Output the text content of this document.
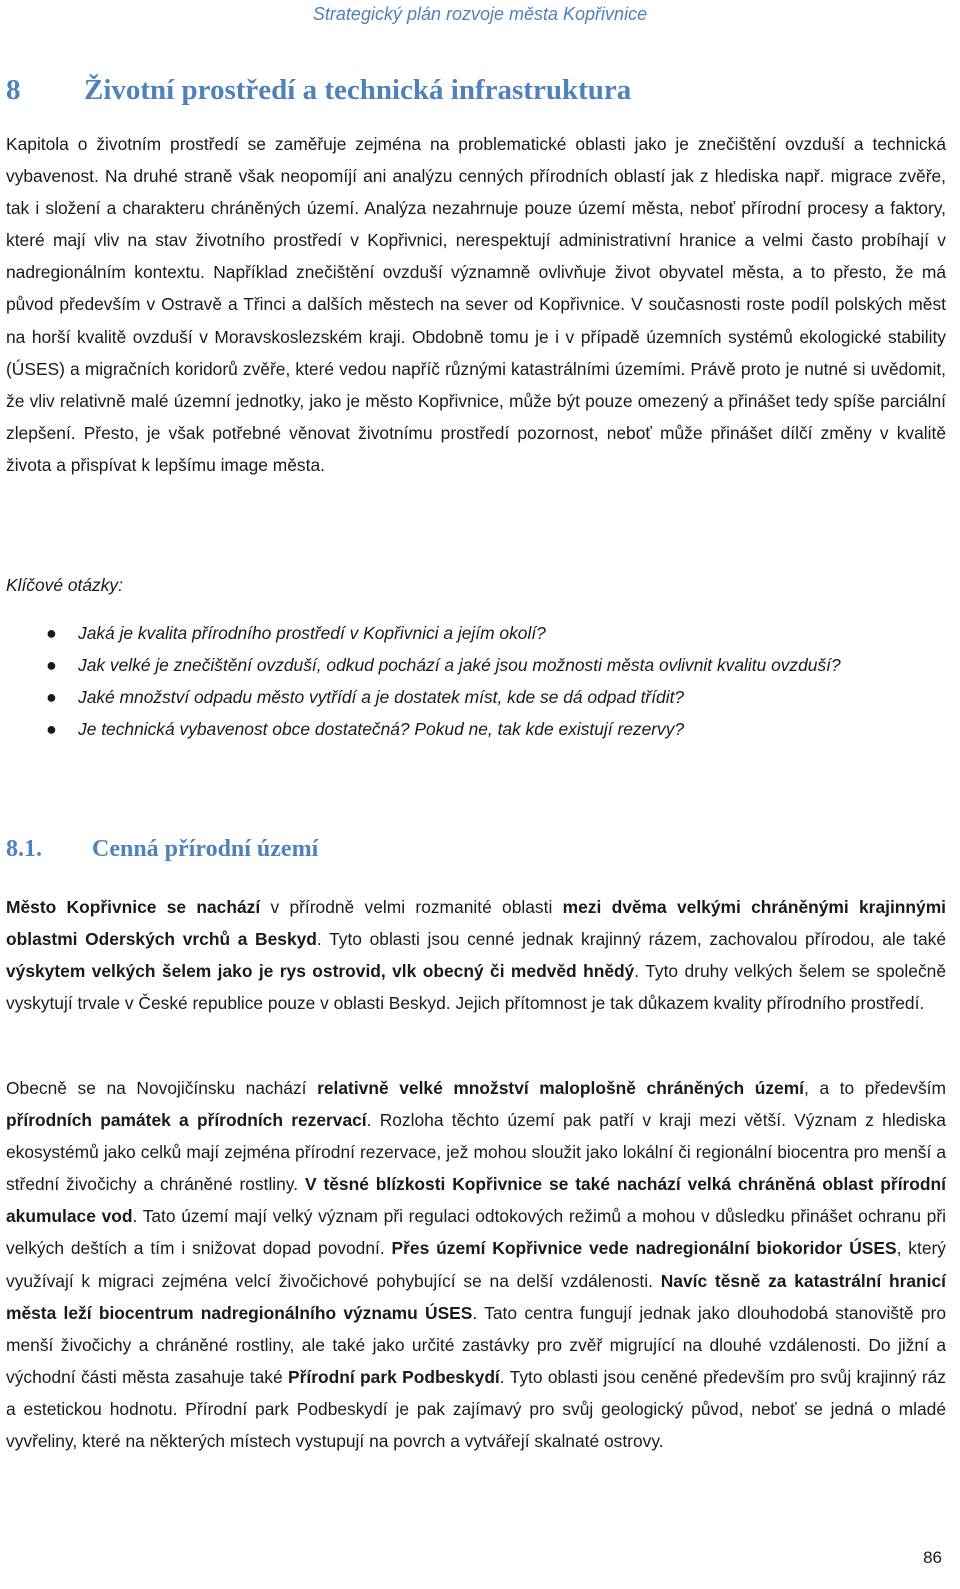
Strategický plán rozvoje města Kopřivnice
8	Životní prostředí a technická infrastruktura
Kapitola o životním prostředí se zaměřuje zejména na problematické oblasti jako je znečištění ovzduší a technická vybavenost. Na druhé straně však neopomíjí ani analýzu cenných přírodních oblastí jak z hlediska např. migrace zvěře, tak i složení a charakteru chráněných území. Analýza nezahrnuje pouze území města, neboť přírodní procesy a faktory, které mají vliv na stav životního prostředí v Kopřivnici, nerespektují administrativní hranice a velmi často probíhají v nadregionálním kontextu. Například znečištění ovzduší významně ovlivňuje život obyvatel města, a to přesto, že má původ především v Ostravě a Třinci a dalších městech na sever od Kopřivnice. V současnosti roste podíl polských měst na horší kvalitě ovzduší v Moravskoslezském kraji. Obdobně tomu je i v případě územních systémů ekologické stability (ÚSES) a migračních koridorů zvěře, které vedou napříč různými katastrálními územími. Právě proto je nutné si uvědomit, že vliv relativně malé územní jednotky, jako je město Kopřivnice, může být pouze omezený a přinášet tedy spíše parciální zlepšení. Přesto, je však potřebné věnovat životnímu prostředí pozornost, neboť může přinášet dílčí změny v kvalitě života a přispívat k lepšímu image města.
Klíčové otázky:
● Jaká je kvalita přírodního prostředí v Kopřivnici a jejím okolí?
● Jak velké je znečištění ovzduší, odkud pochází a jaké jsou možnosti města ovlivnit kvalitu ovzduší?
● Jaké množství odpadu město vytřídí a je dostatek míst, kde se dá odpad třídit?
● Je technická vybavenost obce dostatečná? Pokud ne, tak kde existují rezervy?
8.1.	Cenná přírodní území
Město Kopřivnice se nachází v přírodně velmi rozmanité oblasti mezi dvěma velkými chráněnými krajinnými oblastmi Oderských vrchů a Beskyd. Tyto oblasti jsou cenné jednak krajinný rázem, zachovalou přírodou, ale také výskytem velkých šelem jako je rys ostrovid, vlk obecný či medvěd hnědý. Tyto druhy velkých šelem se společně vyskytují trvale v České republice pouze v oblasti Beskyd. Jejich přítomnost je tak důkazem kvality přírodního prostředí.
Obecně se na Novojičínsku nachází relativně velké množství maloplošně chráněných území, a to především přírodních památek a přírodních rezervací. Rozloha těchto území pak patří v kraji mezi větší. Význam z hlediska ekosystémů jako celků mají zejména přírodní rezervace, jež mohou sloužit jako lokální či regionální biocentra pro menší a střední živočichy a chráněné rostliny. V těsné blízkosti Kopřivnice se také nachází velká chráněná oblast přírodní akumulace vod. Tato území mají velký význam při regulaci odtokových režimů a mohou v důsledku přinášet ochranu při velkých deštích a tím i snižovat dopad povodní. Přes území Kopřivnice vede nadregionální biokoridor ÚSES, který využívají k migraci zejména velcí živočichové pohybující se na delší vzdálenosti. Navíc těsně za katastrální hranicí města leží biocentrum nadregionálního významu ÚSES. Tato centra fungují jednak jako dlouhodobá stanoviště pro menší živočichy a chráněné rostliny, ale také jako určité zastávky pro zvěř migrující na dlouhé vzdálenosti. Do jižní a východní části města zasahuje také Přírodní park Podbeskydí. Tyto oblasti jsou ceněné především pro svůj krajinný ráz a estetickou hodnotu. Přírodní park Podbeskydí je pak zajímavý pro svůj geologický původ, neboť se jedná o mladé vyvřeliny, které na některých místech vystupují na povrch a vytvářejí skalnaté ostrovy.
86
